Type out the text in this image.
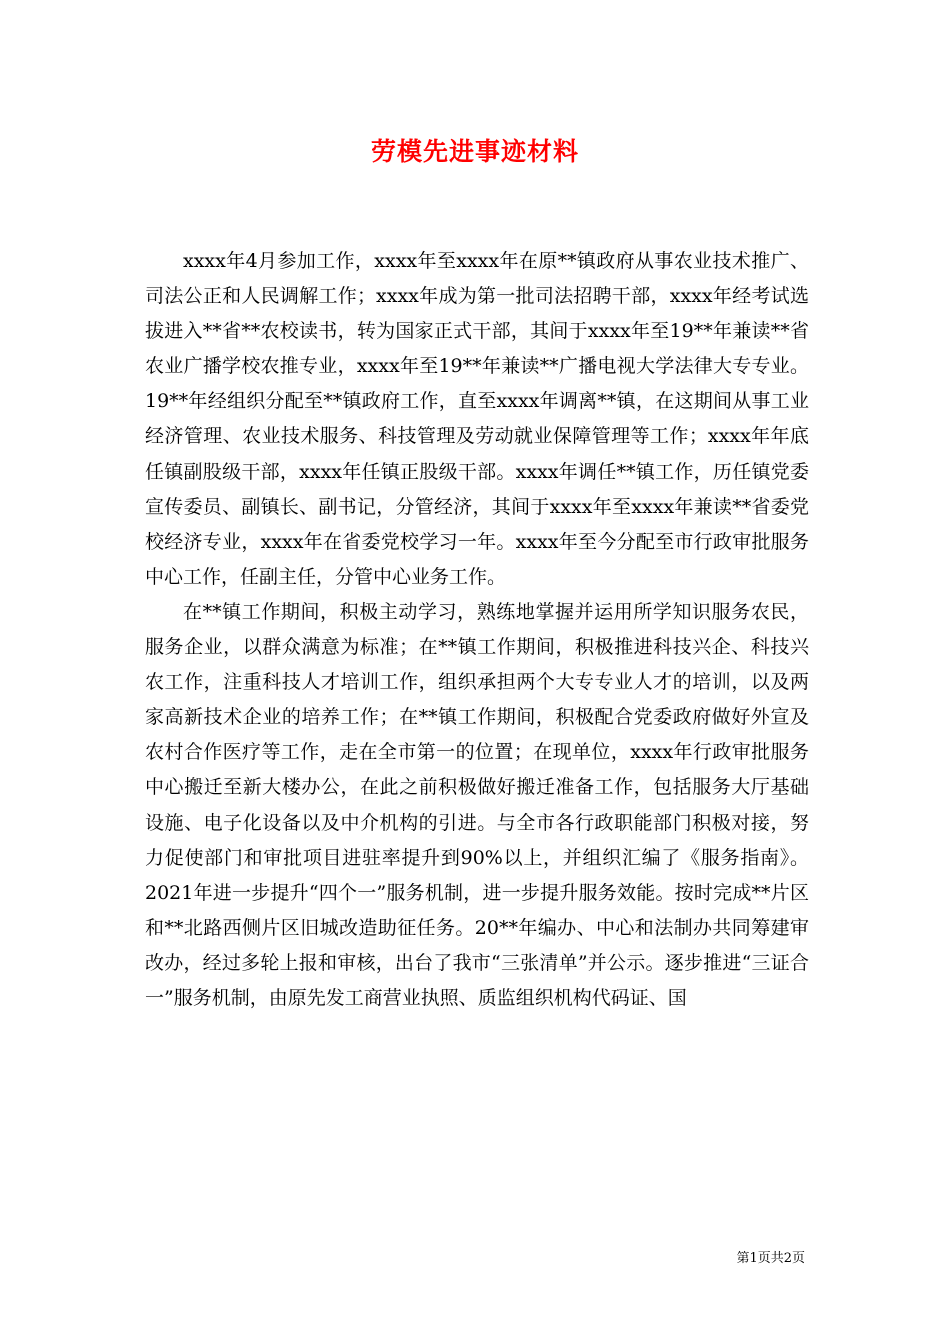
劳模先进事迹材料

xxxx年4月参加工作，xxxx年至xxxx年在原**镇政府从事农业技术推广、司法公正和人民调解工作；xxxx年成为第一批司法招聘干部，xxxx年经考试选拔进入**省**农校读书，转为国家正式干部，其间于xxxx年至19**年兼读**省农业广播学校农推专业，xxxx年至19**年兼读**广播电视大学法律大专专业。19**年经组织分配至**镇政府工作，直至xxxx年调离**镇，在这期间从事工业经济管理、农业技术服务、科技管理及劳动就业保障管理等工作；xxxx年年底任镇副股级干部，xxxx年任镇正股级干部。xxxx年调任**镇工作，历任镇党委宣传委员、副镇长、副书记，分管经济，其间于xxxx年至xxxx年兼读**省委党校经济专业，xxxx年在省委党校学习一年。xxxx年至今分配至市行政审批服务中心工作，任副主任，分管中心业务工作。

在**镇工作期间，积极主动学习，熟练地掌握并运用所学知识服务农民，服务企业，以群众满意为标准；在**镇工作期间，积极推进科技兴企、科技兴农工作，注重科技人才培训工作，组织承担两个大专专业人才的培训，以及两家高新技术企业的培养工作；在**镇工作期间，积极配合党委政府做好外宣及农村合作医疗等工作，走在全市第一的位置；在现单位，xxxx年行政审批服务中心搬迁至新大楼办公，在此之前积极做好搬迁准备工作，包括服务大厅基础设施、电子化设备以及中介机构的引进。与全市各行政职能部门积极对接，努力促使部门和审批项目进驻率提升到90%以上，并组织汇编了《服务指南》。2021年进一步提升“四个一”服务机制，进一步提升服务效能。按时完成**片区和**北路西侧片区旧城改造助征任务。20**年编办、中心和法制办共同筹建审改办，经过多轮上报和审核，出台了我市“三张清单”并公示。逐步推进“三证合一”服务机制，由原先发工商营业执照、质监组织机构代码证、国

第1页共2页
